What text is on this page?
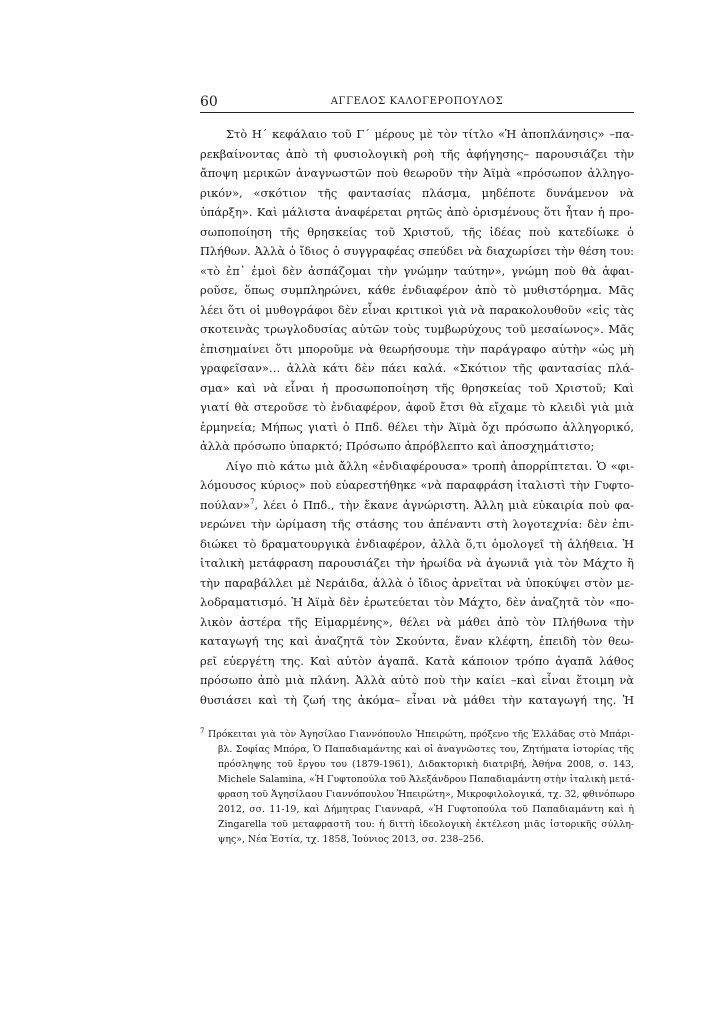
60	ΑΓΓΕΛΟΣ ΚΑΛΟΓΕΡΟΠΟΥΛΟΣ
Στὸ Η΄ κεφάλαιο τοῦ Γ΄ μέρους μὲ τὸν τίτλο «Ἡ ἀποπλάνησις» –πα-
ρεκβαίνοντας ἀπὸ τὴ φυσιολογικὴ ροὴ τῆς ἀφήγησης– παρουσιάζει τὴν
ἄποψη μερικῶν ἀναγνωστῶν ποὺ θεωροῦν τὴν Ἀϊμὰ «πρόσωπον ἀλληγο-
ρικόν», «σκότιον τῆς φαντασίας πλάσμα, μηδέποτε δυνάμενον νὰ
ὑπάρξη». Καὶ μάλιστα ἀναφέρεται ρητῶς ἀπὸ ὁρισμένους ὅτι ἦταν ἡ προ-
σωποποίηση τῆς θρησκείας τοῦ Χριστοῦ, τῆς ἰδέας ποὺ κατεδίωκε ὁ
Πλήθων. Ἀλλὰ ὁ ἴδιος ὁ συγγραφέας σπεύδει νὰ διαχωρίσει τὴν θέση του:
«τὸ ἐπ᾿ ἐμοὶ δὲν ἀσπάζομαι τὴν γνώμην ταύτην», γνώμη ποὺ θὰ ἀφαι-
ροῦσε, ὅπως συμπληρώνει, κάθε ἐνδιαφέρον ἀπὸ τὸ μυθιστόρημα. Μᾶς
λέει ὅτι οἱ μυθογράφοι δὲν εἶναι κριτικοὶ γιὰ νὰ παρακολουθοῦν «εἰς τὰς
σκοτεινὰς τρωγλοδυσίας αὐτῶν τοὺς τυμβωρύχους τοῦ μεσαίωνος». Μᾶς
ἐπισημαίνει ὅτι μποροῦμε νὰ θεωρήσουμε τὴν παράγραφο αὐτὴν «ὡς μὴ
γραφεῖσαν»… ἀλλὰ κάτι δὲν πάει καλά. «Σκότιον τῆς φαντασίας πλά-
σμα» καὶ νὰ εἶναι ἡ προσωποποίηση τῆς θρησκείας τοῦ Χριστοῦ; Καὶ
γιατί θὰ στεροῦσε τὸ ἐνδιαφέρον, ἀφοῦ ἔτσι θὰ εἴχαμε τὸ κλειδὶ γιὰ μιὰ
ἑρμηνεία; Μήπως γιατὶ ὁ Ππδ. θέλει τὴν Ἀϊμὰ ὄχι πρόσωπο ἀλληγορικό,
ἀλλὰ πρόσωπο ὑπαρκτό; Πρόσωπο ἀπρόβλεπτο καὶ ἀποσχημάτιστο;
Λίγο πιὸ κάτω μιὰ ἄλλη «ἐνδιαφέρουσα» τροπὴ ἀπορρίπτεται. Ὁ «φι-
λόμουσος κύριος» ποὺ εὐαρεστήθηκε «νὰ παραφράση ἰταλιστὶ τὴν Γυφτο-
πούλαν»$^7$, λέει ὁ Ππδ., τὴν ἔκανε ἀγνώριστη. Ἀλλη μιὰ εὐκαιρία ποὺ φα-
νερώνει τὴν ὡρίμαση τῆς στάσης του ἀπέναντι στὴ λογοτεχνία: δὲν ἐπι-
διώκει τὸ δραματουργικὰ ἐνδιαφέρον, ἀλλὰ ὅ,τι ὁμολογεῖ τὴ ἀλήθεια. Ἡ
ἰταλικὴ μετάφραση παρουσιάζει τὴν ἡρωίδα νὰ ἀγωνιᾶ γιὰ τὸν Μάχτο ἢ
τὴν παραβάλλει μὲ Νεράιδα, ἀλλὰ ὁ ἴδιος ἀρνεῖται νὰ ὑποκύψει στὸν με-
λοδραματισμό. Ἡ Ἀϊμὰ δὲν ἐρωτεύεται τὸν Μάχτο, δὲν ἀναζητᾶ τὸν «πο-
λικὸν ἀστέρα τῆς Εἱμαρμένης», θέλει νὰ μάθει ἀπὸ τὸν Πλήθωνα τὴν
καταγωγή της καὶ ἀναζητᾶ τὸν Σκούντα, ἕναν κλέφτη, ἐπειδὴ τὸν θεω-
ρεῖ εὐεργέτη της. Καὶ αὐτὸν ἀγαπᾶ. Κατὰ κάποιον τρόπο ἀγαπᾶ λάθος
πρόσωπο ἀπὸ μιὰ πλάνη. Ἀλλὰ αὐτὸ ποὺ τὴν καίει –καὶ εἶναι ἕτοιμη νὰ
θυσιάσει καὶ τὴ ζωή της ἀκόμα– εἶναι νὰ μάθει τὴν καταγωγή της. Ἡ
$^7$ Πρόκειται γιὰ τὸν Ἀγησίλαο Γιαννόπουλο Ἠπειρώτη, πρόξενο τῆς Ἑλλάδας στὸ Μπάρι-
βλ. Σοφίας Μπόρα, Ὁ Παπαδιαμάντης καὶ οἱ ἀναγνῶστες του, Ζητήματα ἱστορίας τῆς
πρόσληψης τοῦ ἔργου του (1879-1961), Διδακτορικὴ διατριβή, Ἀθήνα 2008, σ. 143,
Michele Salamina, «Ἡ Γυφτοπούλα τοῦ Ἀλεξάνδρου Παπαδιαμάντη στὴν ἰταλικὴ μετά-
φραση τοῦ Ἀγησίλαου Γιαννόπουλου Ἠπειρώτη», Μικροφιλολογικά, τχ. 32, φθινόπωρο
2012, σσ. 11-19, καὶ Δήμητρας Γιανναρᾶ, «Ἡ Γυφτοπούλα τοῦ Παπαδιαμάντη καὶ ἡ
Zingarella τοῦ μεταφραστῆ του: ἡ διττὴ ἰδεολογικὴ ἐκτέλεση μιᾶς ἱστορικῆς σύλλη-
ψης», Νέα Ἑστία, τχ. 1858, Ἰούνιος 2013, σσ. 238–256.
